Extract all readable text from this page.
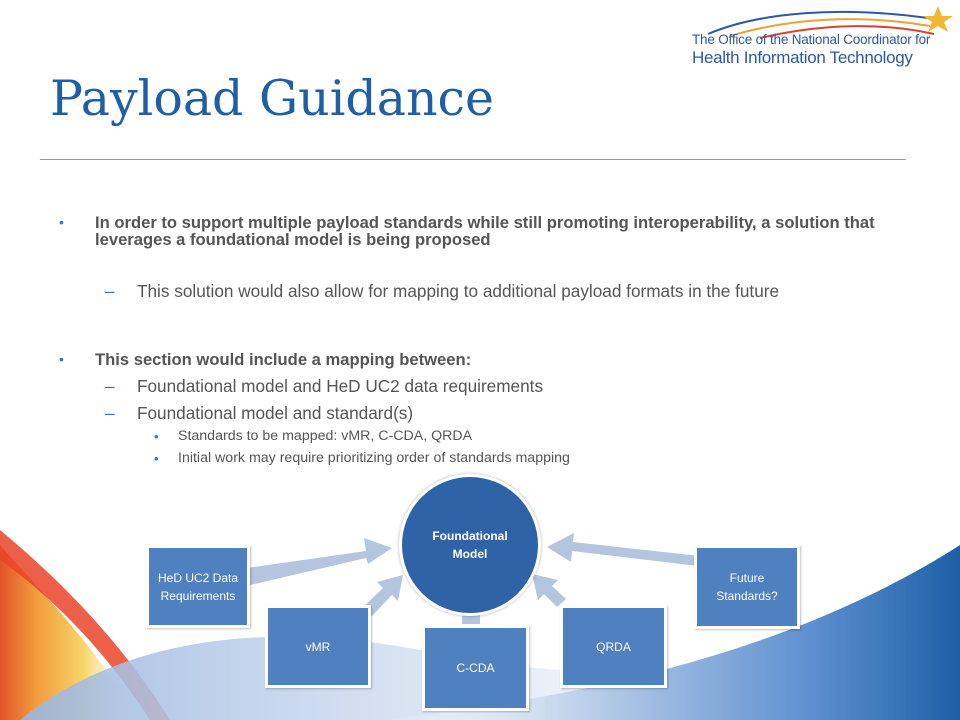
The Office of the National Coordinator for
Health Information Technology
Payload Guidance
• In order to support multiple payload standards while still promoting interoperability, a solution that leverages a foundational model is being proposed
– This solution would also allow for mapping to additional payload formats in the future
• This section would include a mapping between:
– Foundational model and HeD UC2 data requirements
– Foundational model and standard(s)
• Standards to be mapped: vMR, C-CDA, QRDA
• Initial work may require prioritizing order of standards mapping
HeD UC2 Data
Requirements
vMR
C-CDA
QRDA
Future
Standards?
Foundational
Model
